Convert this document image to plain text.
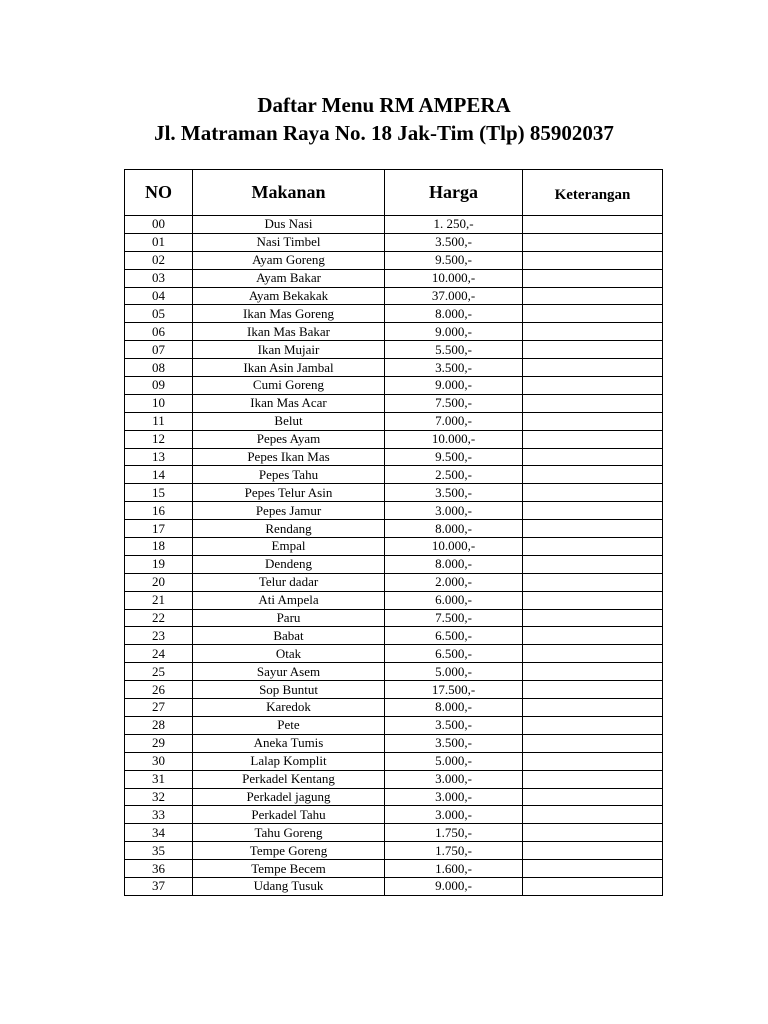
Daftar Menu RM AMPERA
Jl. Matraman Raya No. 18 Jak-Tim (Tlp) 85902037
NO	Makanan	Harga	Keterangan
00	Dus Nasi	1. 250,-	
01	Nasi Timbel	3.500,-	
02	Ayam Goreng	9.500,-	
03	Ayam Bakar	10.000,-	
04	Ayam Bekakak	37.000,-	
05	Ikan Mas Goreng	8.000,-	
06	Ikan Mas Bakar	9.000,-	
07	Ikan Mujair	5.500,-	
08	Ikan Asin Jambal	3.500,-	
09	Cumi Goreng	9.000,-	
10	Ikan Mas Acar	7.500,-	
11	Belut	7.000,-	
12	Pepes Ayam	10.000,-	
13	Pepes Ikan Mas	9.500,-	
14	Pepes Tahu	2.500,-	
15	Pepes Telur Asin	3.500,-	
16	Pepes Jamur	3.000,-	
17	Rendang	8.000,-	
18	Empal	10.000,-	
19	Dendeng	8.000,-	
20	Telur dadar	2.000,-	
21	Ati Ampela	6.000,-	
22	Paru	7.500,-	
23	Babat	6.500,-	
24	Otak	6.500,-	
25	Sayur Asem	5.000,-	
26	Sop Buntut	17.500,-	
27	Karedok	8.000,-	
28	Pete	3.500,-	
29	Aneka Tumis	3.500,-	
30	Lalap Komplit	5.000,-	
31	Perkadel Kentang	3.000,-	
32	Perkadel jagung	3.000,-	
33	Perkadel Tahu	3.000,-	
34	Tahu Goreng	1.750,-	
35	Tempe Goreng	1.750,-	
36	Tempe Becem	1.600,-	
37	Udang Tusuk	9.000,-	
